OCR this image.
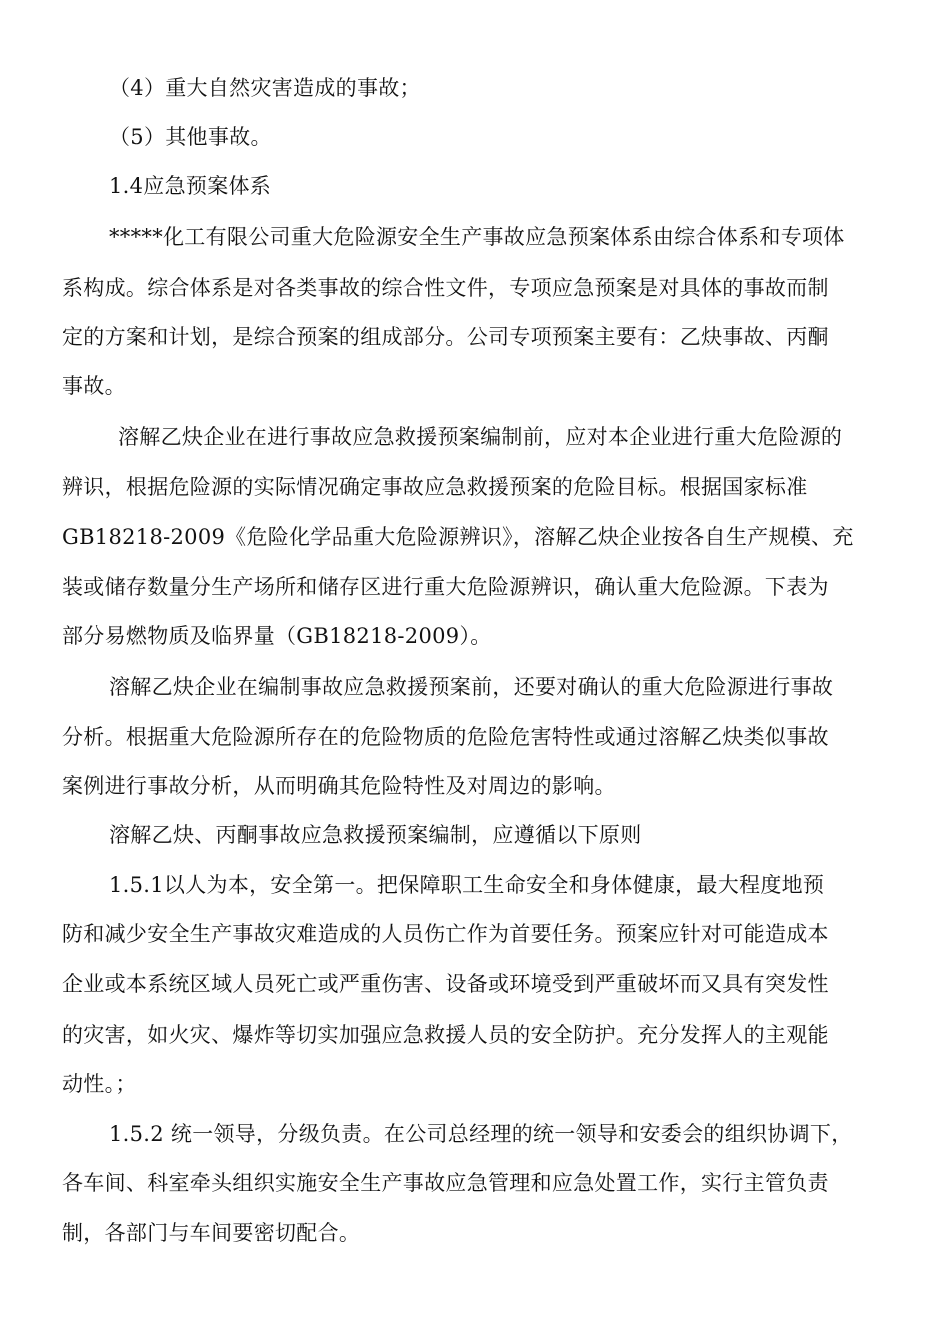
（4）重大自然灾害造成的事故；
（5）其他事故。
1.4应急预案体系
*****化工有限公司重大危险源安全生产事故应急预案体系由综合体系和专项体
系构成。综合体系是对各类事故的综合性文件，专项应急预案是对具体的事故而制
定的方案和计划，是综合预案的组成部分。公司专项预案主要有：乙炔事故、丙酮
事故。
溶解乙炔企业在进行事故应急救援预案编制前，应对本企业进行重大危险源的
辨识，根据危险源的实际情况确定事故应急救援预案的危险目标。根据国家标准
GB18218-2009《危险化学品重大危险源辨识》，溶解乙炔企业按各自生产规模、充
装或储存数量分生产场所和储存区进行重大危险源辨识，确认重大危险源。下表为
部分易燃物质及临界量（GB18218-2009）。
溶解乙炔企业在编制事故应急救援预案前，还要对确认的重大危险源进行事故
分析。根据重大危险源所存在的危险物质的危险危害特性或通过溶解乙炔类似事故
案例进行事故分析，从而明确其危险特性及对周边的影响。
溶解乙炔、丙酮事故应急救援预案编制，应遵循以下原则
1.5.1以人为本，安全第一。把保障职工生命安全和身体健康，最大程度地预
防和减少安全生产事故灾难造成的人员伤亡作为首要任务。预案应针对可能造成本
企业或本系统区域人员死亡或严重伤害、设备或环境受到严重破坏而又具有突发性
的灾害，如火灾、爆炸等切实加强应急救援人员的安全防护。充分发挥人的主观能
动性。；
1.5.2 统一领导，分级负责。在公司总经理的统一领导和安委会的组织协调下，
各车间、科室牵头组织实施安全生产事故应急管理和应急处置工作，实行主管负责
制，各部门与车间要密切配合。
